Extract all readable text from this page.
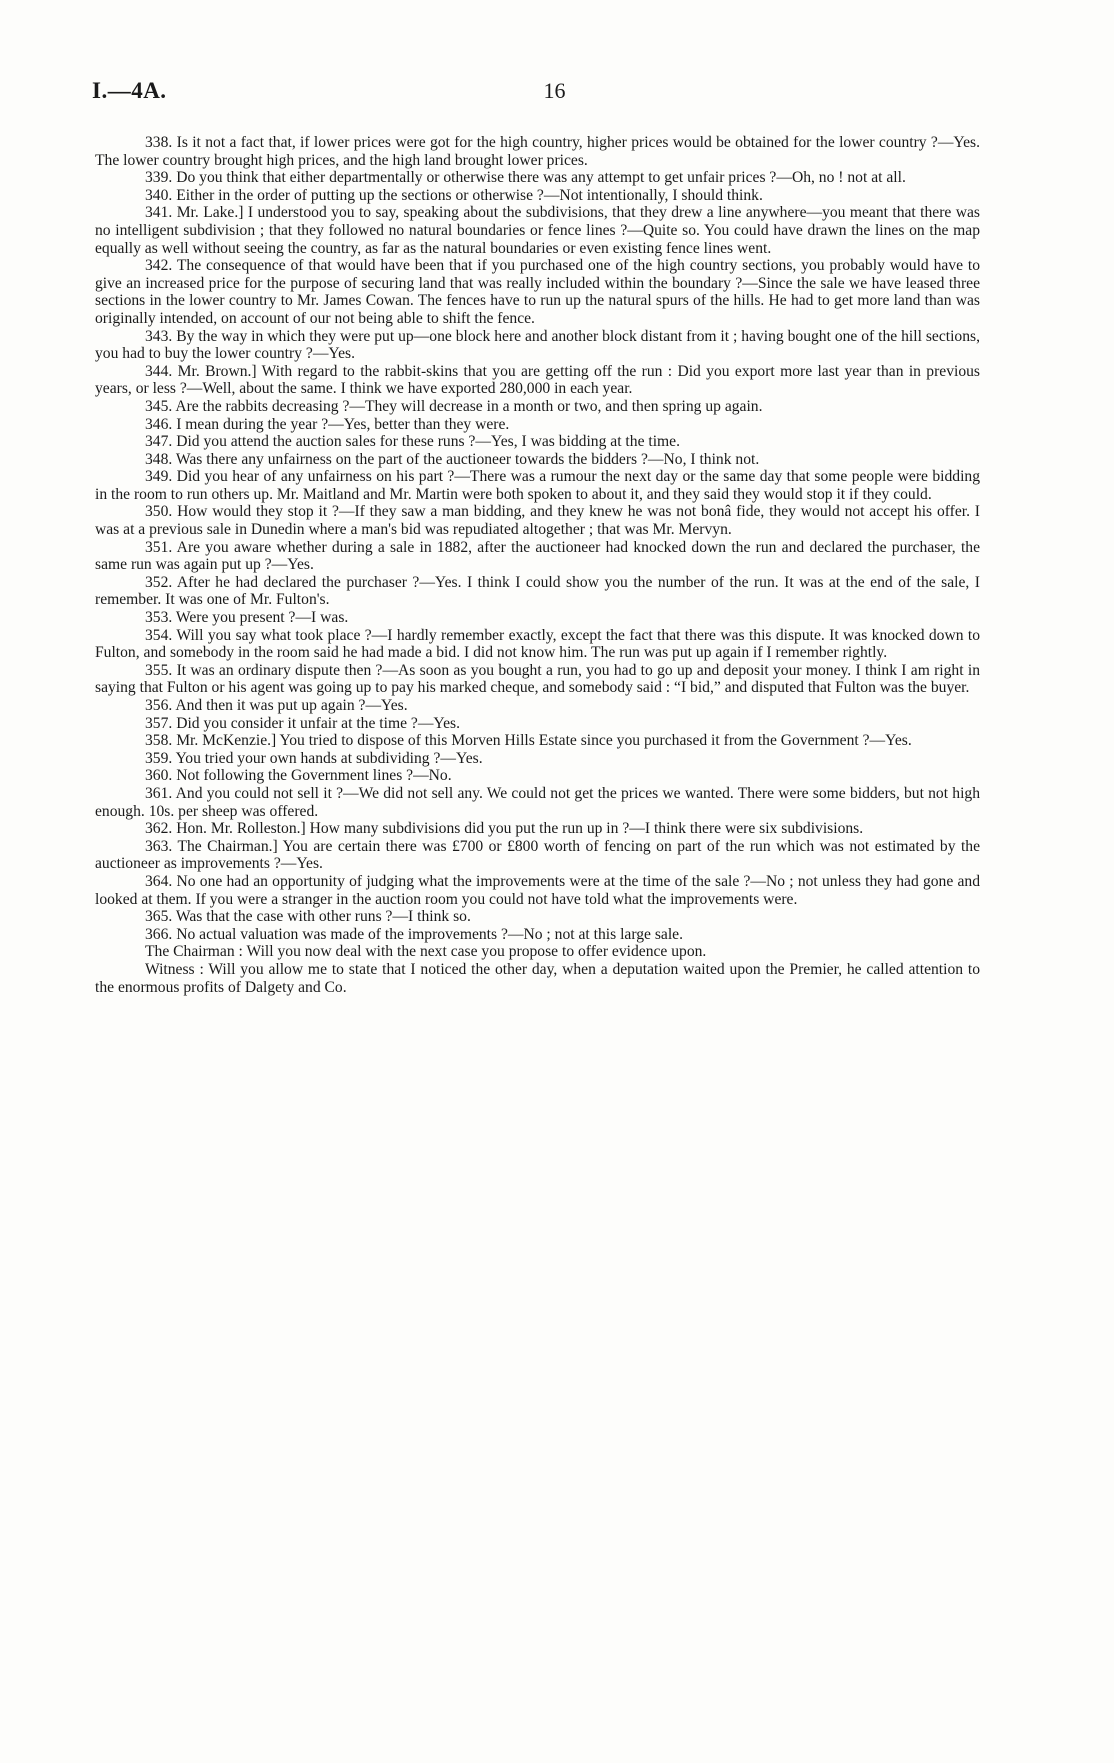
I.—4A.	16

338. Is it not a fact that, if lower prices were got for the high country, higher prices would be obtained for the lower country ?—Yes. The lower country brought high prices, and the high land brought lower prices.

339. Do you think that either departmentally or otherwise there was any attempt to get unfair prices ?—Oh, no ! not at all.

340. Either in the order of putting up the sections or otherwise ?—Not intentionally, I should think.

341. Mr. Lake.] I understood you to say, speaking about the subdivisions, that they drew a line anywhere—you meant that there was no intelligent subdivision ; that they followed no natural boundaries or fence lines ?—Quite so. You could have drawn the lines on the map equally as well without seeing the country, as far as the natural boundaries or even existing fence lines went.

342. The consequence of that would have been that if you purchased one of the high country sections, you probably would have to give an increased price for the purpose of securing land that was really included within the boundary ?—Since the sale we have leased three sections in the lower country to Mr. James Cowan. The fences have to run up the natural spurs of the hills. He had to get more land than was originally intended, on account of our not being able to shift the fence.

343. By the way in which they were put up—one block here and another block distant from it ; having bought one of the hill sections, you had to buy the lower country ?—Yes.

344. Mr. Brown.] With regard to the rabbit-skins that you are getting off the run : Did you export more last year than in previous years, or less ?—Well, about the same. I think we have exported 280,000 in each year.

345. Are the rabbits decreasing ?—They will decrease in a month or two, and then spring up again.

346. I mean during the year ?—Yes, better than they were.

347. Did you attend the auction sales for these runs ?—Yes, I was bidding at the time.

348. Was there any unfairness on the part of the auctioneer towards the bidders ?—No, I think not.

349. Did you hear of any unfairness on his part ?—There was a rumour the next day or the same day that some people were bidding in the room to run others up. Mr. Maitland and Mr. Martin were both spoken to about it, and they said they would stop it if they could.

350. How would they stop it ?—If they saw a man bidding, and they knew he was not bonâ fide, they would not accept his offer. I was at a previous sale in Dunedin where a man's bid was repudiated altogether ; that was Mr. Mervyn.

351. Are you aware whether during a sale in 1882, after the auctioneer had knocked down the run and declared the purchaser, the same run was again put up ?—Yes.

352. After he had declared the purchaser ?—Yes. I think I could show you the number of the run. It was at the end of the sale, I remember. It was one of Mr. Fulton's.

353. Were you present ?—I was.

354. Will you say what took place ?—I hardly remember exactly, except the fact that there was this dispute. It was knocked down to Fulton, and somebody in the room said he had made a bid. I did not know him. The run was put up again if I remember rightly.

355. It was an ordinary dispute then ?—As soon as you bought a run, you had to go up and deposit your money. I think I am right in saying that Fulton or his agent was going up to pay his marked cheque, and somebody said : “I bid,” and disputed that Fulton was the buyer.

356. And then it was put up again ?—Yes.

357. Did you consider it unfair at the time ?—Yes.

358. Mr. McKenzie.] You tried to dispose of this Morven Hills Estate since you purchased it from the Government ?—Yes.

359. You tried your own hands at subdividing ?—Yes.

360. Not following the Government lines ?—No.

361. And you could not sell it ?—We did not sell any. We could not get the prices we wanted. There were some bidders, but not high enough. 10s. per sheep was offered.

362. Hon. Mr. Rolleston.] How many subdivisions did you put the run up in ?—I think there were six subdivisions.

363. The Chairman.] You are certain there was £700 or £800 worth of fencing on part of the run which was not estimated by the auctioneer as improvements ?—Yes.

364. No one had an opportunity of judging what the improvements were at the time of the sale ?—No ; not unless they had gone and looked at them. If you were a stranger in the auction room you could not have told what the improvements were.

365. Was that the case with other runs ?—I think so.

366. No actual valuation was made of the improvements ?—No ; not at this large sale.

The Chairman : Will you now deal with the next case you propose to offer evidence upon.

Witness : Will you allow me to state that I noticed the other day, when a deputation waited upon the Premier, he called attention to the enormous profits of Dalgety and Co.
